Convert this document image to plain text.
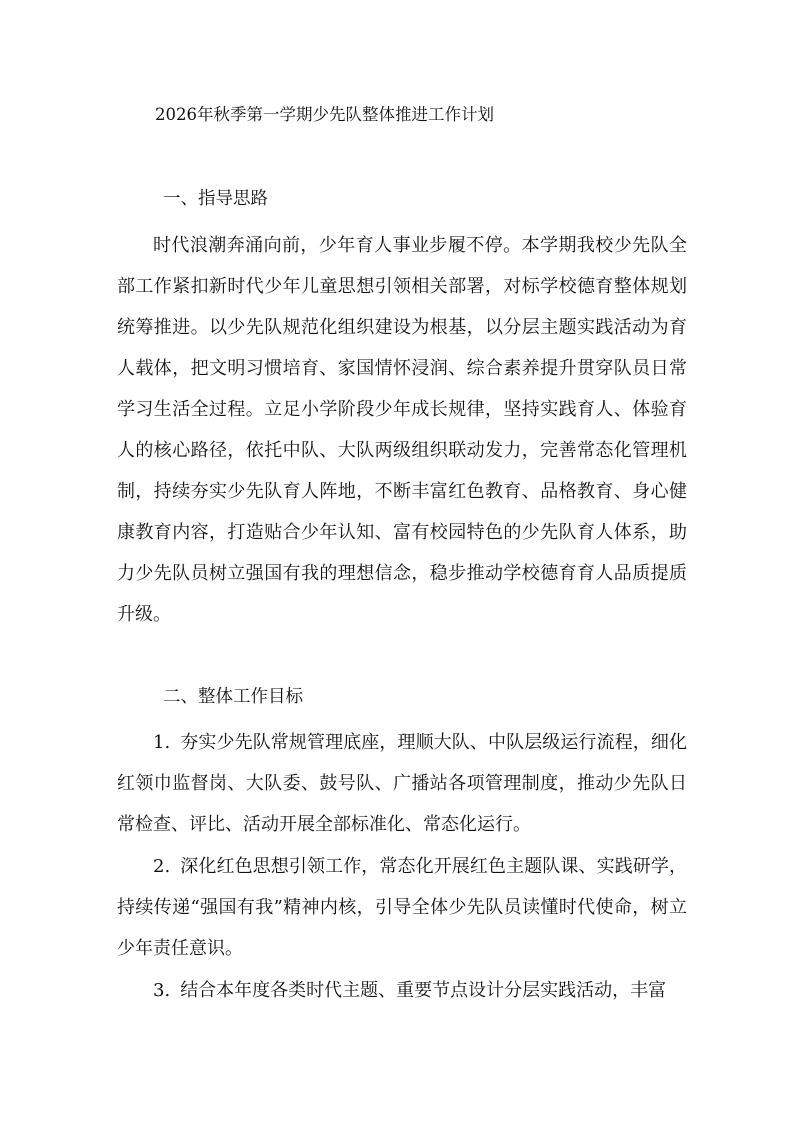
2026年秋季第一学期少先队整体推进工作计划
一、指导思路

时代浪潮奔涌向前，少年育人事业步履不停。本学期我校少先队全部工作紧扣新时代少年儿童思想引领相关部署，对标学校德育整体规划统筹推进。以少先队规范化组织建设为根基，以分层主题实践活动为育人载体，把文明习惯培育、家国情怀浸润、综合素养提升贯穿队员日常学习生活全过程。立足小学阶段少年成长规律，坚持实践育人、体验育人的核心路径，依托中队、大队两级组织联动发力，完善常态化管理机制，持续夯实少先队育人阵地，不断丰富红色教育、品格教育、身心健康教育内容，打造贴合少年认知、富有校园特色的少先队育人体系，助力少先队员树立强国有我的理想信念，稳步推动学校德育育人品质提质升级。

二、整体工作目标

1. 夯实少先队常规管理底座，理顺大队、中队层级运行流程，细化红领巾监督岗、大队委、鼓号队、广播站各项管理制度，推动少先队日常检查、评比、活动开展全部标准化、常态化运行。

2. 深化红色思想引领工作，常态化开展红色主题队课、实践研学，持续传递“强国有我”精神内核，引导全体少先队员读懂时代使命，树立少年责任意识。

3. 结合本年度各类时代主题、重要节点设计分层实践活动，丰富
